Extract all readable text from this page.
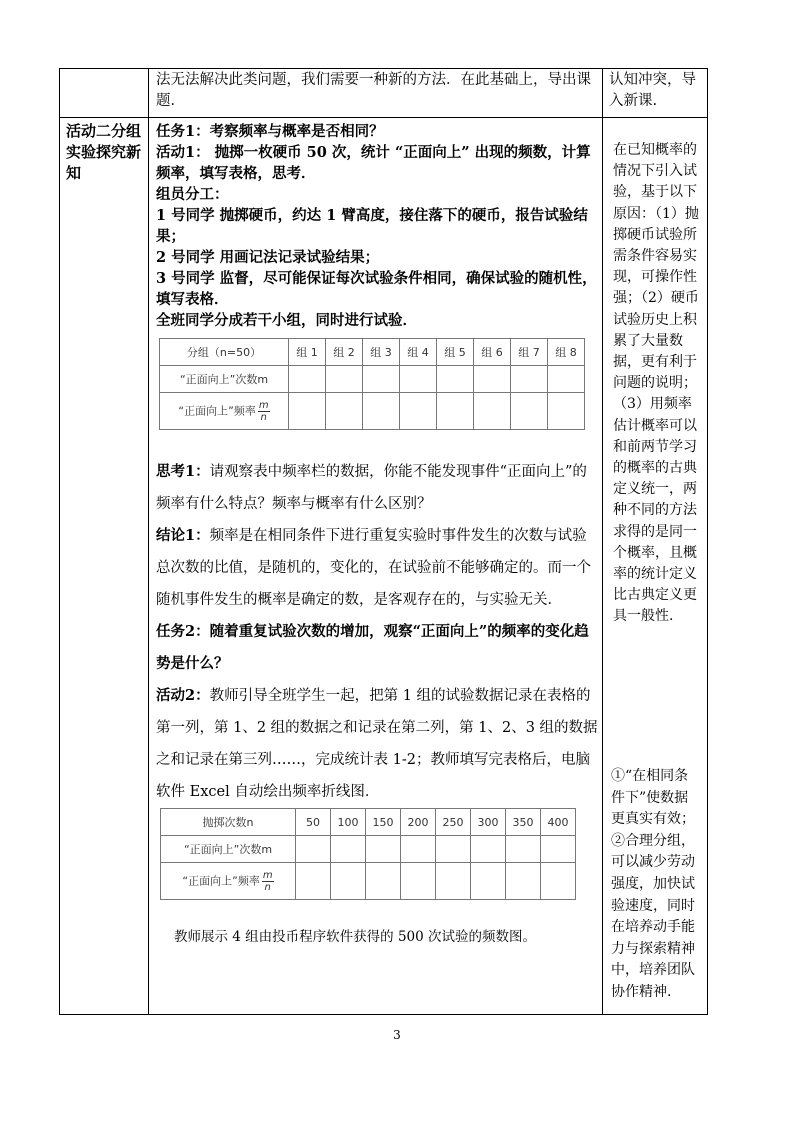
法无法解决此类问题，我们需要一种新的方法．在此基础上，导出课题．

认知冲突，导入新课.

活动二分组实验探究新知

任务1：考察频率与概率是否相同？

活动1： 抛掷一枚硬币 50 次，统计 “正面向上” 出现的频数，计算频率，填写表格，思考．

组员分工：

1 号同学 抛掷硬币，约达 1 臂高度，接住落下的硬币，报告试验结果；

2 号同学 用画记法记录试验结果；

3 号同学 监督，尽可能保证每次试验条件相同，确保试验的随机性，填写表格．

全班同学分成若干小组，同时进行试验．

分组（n=50）	组 1	组 2	组 3	组 4	组 5	组 6	组 7	组 8
“正面向上”次数m								
“正面向上”频率 $\frac{m}{n}$

思考1：请观察表中频率栏的数据，你能不能发现事件“正面向上”的频率有什么特点？频率与概率有什么区别？

结论1：频率是在相同条件下进行重复实验时事件发生的次数与试验总次数的比值，是随机的，变化的，在试验前不能够确定的。而一个随机事件发生的概率是确定的数，是客观存在的，与实验无关．

任务2：随着重复试验次数的增加，观察“正面向上”的频率的变化趋势是什么？

活动2：教师引导全班学生一起，把第 1 组的试验数据记录在表格的第一列，第 1、2 组的数据之和记录在第二列，第 1、2、3 组的数据之和记录在第三列……，完成统计表 1-2；教师填写完表格后，电脑软件 Excel 自动绘出频率折线图．

抛掷次数n	50	100	150	200	250	300	350	400
“正面向上”次数m								
“正面向上”频率 $\frac{m}{n}$

教师展示 4 组由投币程序软件获得的 500 次试验的频数图。

在已知概率的情况下引入试验，基于以下原因：（1）抛掷硬币试验所需条件容易实现，可操作性强；（2）硬币试验历史上积累了大量数据，更有利于问题的说明；（3）用频率估计概率可以和前两节学习的概率的古典定义统一，两种不同的方法求得的是同一个概率，且概率的统计定义比古典定义更具一般性.

①“在相同条件下”使数据更真实有效；②合理分组，可以减少劳动强度，加快试验速度，同时在培养动手能力与探索精神中，培养团队协作精神.

3
